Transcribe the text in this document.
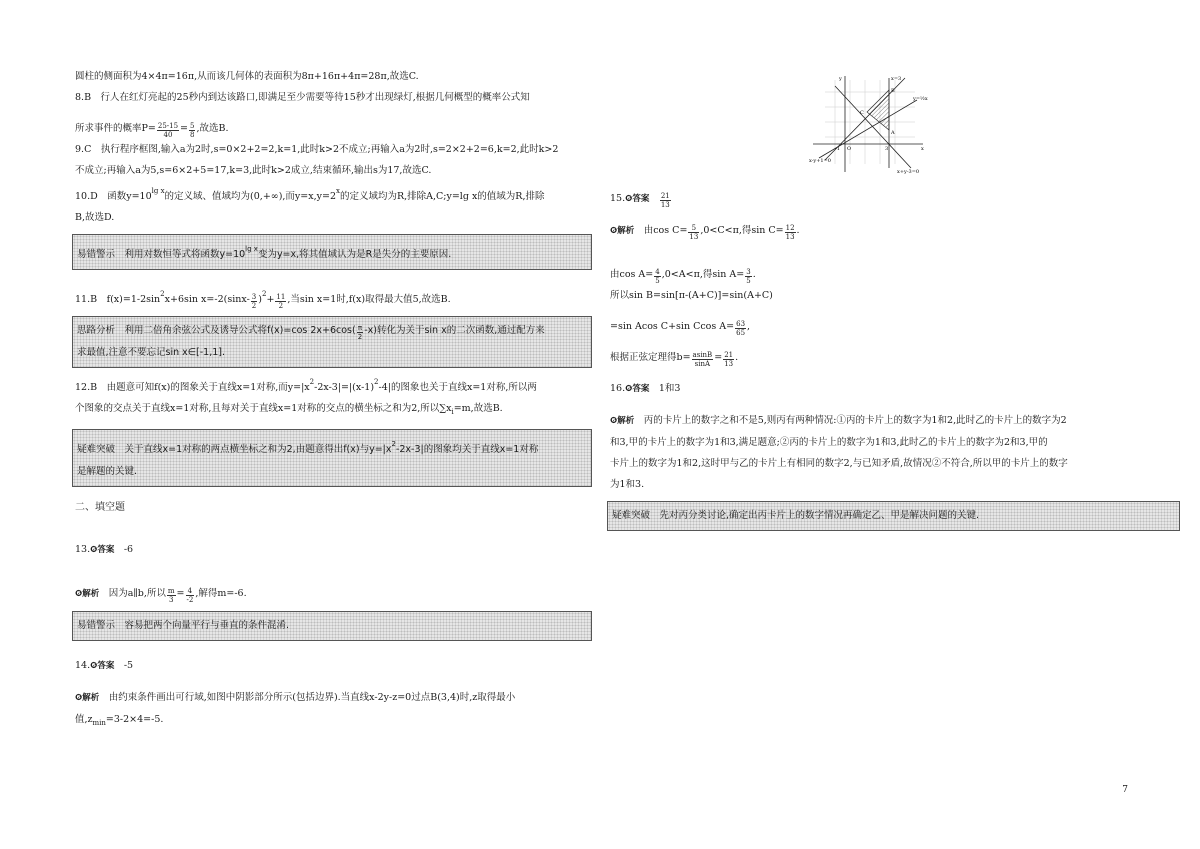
圆柱的侧面积为4×4π=16π,从而该几何体的表面积为8π+16π+4π=28π,故选C.

8.B　行人在红灯亮起的25秒内到达该路口,即满足至少需要等待15秒才出现绿灯,根据几何概型的概率公式知

所求事件的概率$P= \frac{25-15}{40} = \frac{5}{8}$ ,故选B.

9.C　执行程序框图,输入a为2时,s=0×2+2=2,k=1,此时k>2不成立;再输入a为2时,s=2×2+2=6,k=2,此时k>2

不成立;再输入a为5,s=6×2+5=17,k=3,此时k>2成立,结束循环,输出s为17,故选C.

10.D　函数$y=10^{lg x}$的定义域、值域均为(0,+∞),而$y=x,y=2^x$的定义域均为R,排除A,C;y=lg x的值域为R,排除

B,故选D.

易错警示　利用对数恒等式将函数$y=10^{lg x}$变为y=x,将其值域认为是R是失分的主要原因.

11.B　$f(x)=1-2\sin^2x+6\sin$ $x=-2(\sin x- \frac{3}{2} )^2+ \frac{11}{2}$ ,当sin x=1时,f(x)取得最大值5,故选B.

思路分析　利用二倍角余弦公式及诱导公式将f(x)=cos $2x+6\cos( \frac{\pi}{2} -x)$转化为关于sin x的二次函数,通过配方来

求最值,注意不要忘记sin x∈[-1,1].

12.B　由题意可知f(x)的图象关于直线x=1对称,而$y=|x^2-2x-3|=|(x-1)^2-4|$的图象也关于直线x=1对称,所以两

个图象的交点关于直线x=1对称,且每对关于直线x=1对称的交点的横坐标之和为2,所以$\sum x_i=m$,故选B.

疑难突破　关于直线x=1对称的两点横坐标之和为2,由题意得出f(x)与$y=|x^2-2x-3|$的图象均关于直线x=1对称

是解题的关键.

二、填空题

13.❻答案　 -6

❻解析　 因为a∥b,所以 $\frac{m}{3} = \frac{4}{-2}$ ,解得m=-6.

易错警示　容易把两个向量平行与垂直的条件混淆.

14.❻答案　 -5

❻解析　 由约束条件画出可行域,如图中阴影部分所示(包括边界).当直线x-2y-z=0过点B(3,4)时,z取得最小

值$,z_{min}=3-2\times 4=-5$.

x=3
y=½x
A
B
C
O	x
y
-1	3
x-y+1=0
x+y-3=0

15.❻答案　 $\frac{21}{13}$

❻解析　 由$\cos C= \frac{5}{13} ,0<C<\pi$,得$\sin C= \frac{12}{13}$ .

由$\cos A= \frac{4}{5} ,0<A<\pi$,得$\sin A= \frac{3}{5}$ .

所以sin B=sin[π-(A+C)]=sin(A+C)

=sin Acos C+sin Ccos $A= \frac{63}{65}$ ,

根据正弦定理得$b= \frac{asinB}{\sin A} = \frac{21}{13}$ .

16.❻答案　 1和3

❻解析　 丙的卡片上的数字之和不是5,则丙有两种情况:①丙的卡片上的数字为1和2,此时乙的卡片上的数字为2

和3,甲的卡片上的数字为1和3,满足题意;②丙的卡片上的数字为1和3,此时乙的卡片上的数字为2和3,甲的

卡片上的数字为1和2,这时甲与乙的卡片上有相同的数字2,与已知矛盾,故情况②不符合,所以甲的卡片上的数字

为1和3.

疑难突破　先对丙分类讨论,确定出丙卡片上的数字情况再确定乙、甲是解决问题的关键.

7
